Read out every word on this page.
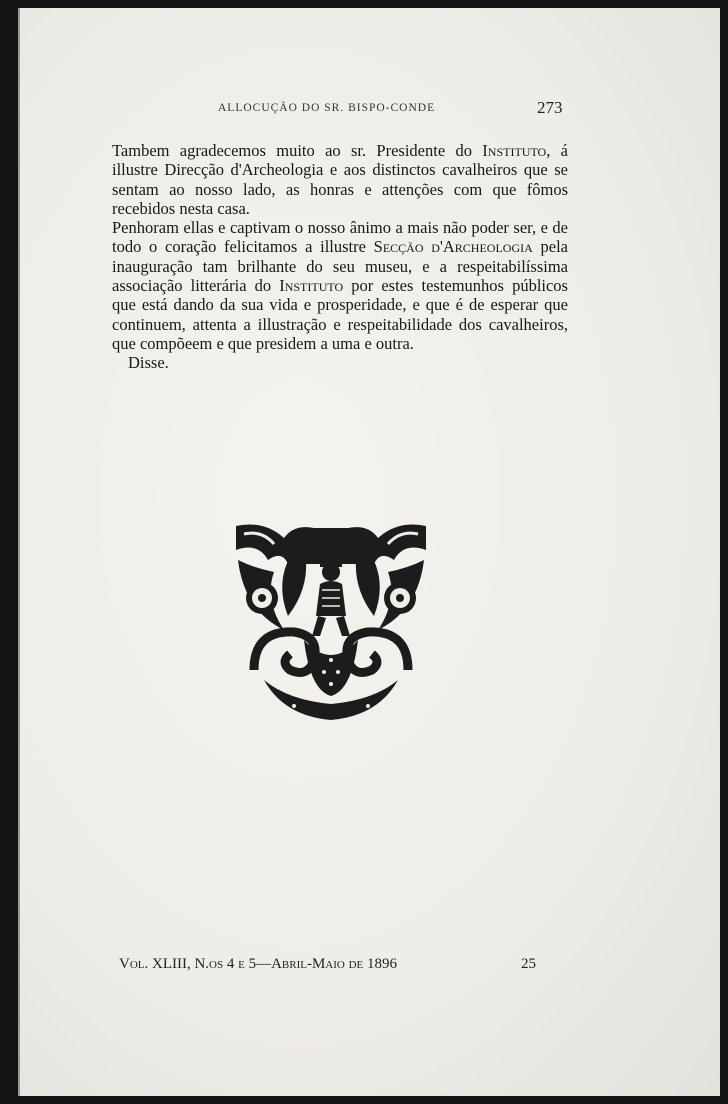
ALLOCUÇÃO DO SR. BISPO-CONDE	273

Tambem agradecemos muito ao sr. Presidente do Instituto, á illustre Direcção d'Archeologia e aos distinctos cavalheiros que se sentam ao nosso lado, as honras e attenções com que fômos recebidos nesta casa.

Penhoram ellas e captivam o nosso ânimo a mais não poder ser, e de todo o coração felicitamos a illustre Secção d'Archeologia pela inauguração tam brilhante do seu museu, e a respeitabilíssima associação litterária do Instituto por estes testemunhos públicos que está dando da sua vida e prosperidade, e que é de esperar que continuem, attenta a illustração e respeitabilidade dos cavalheiros, que compõeem e que presidem a uma e outra.

Disse.

Vol. XLIII, N.os 4 e 5—Abril-Maio de 1896	25
